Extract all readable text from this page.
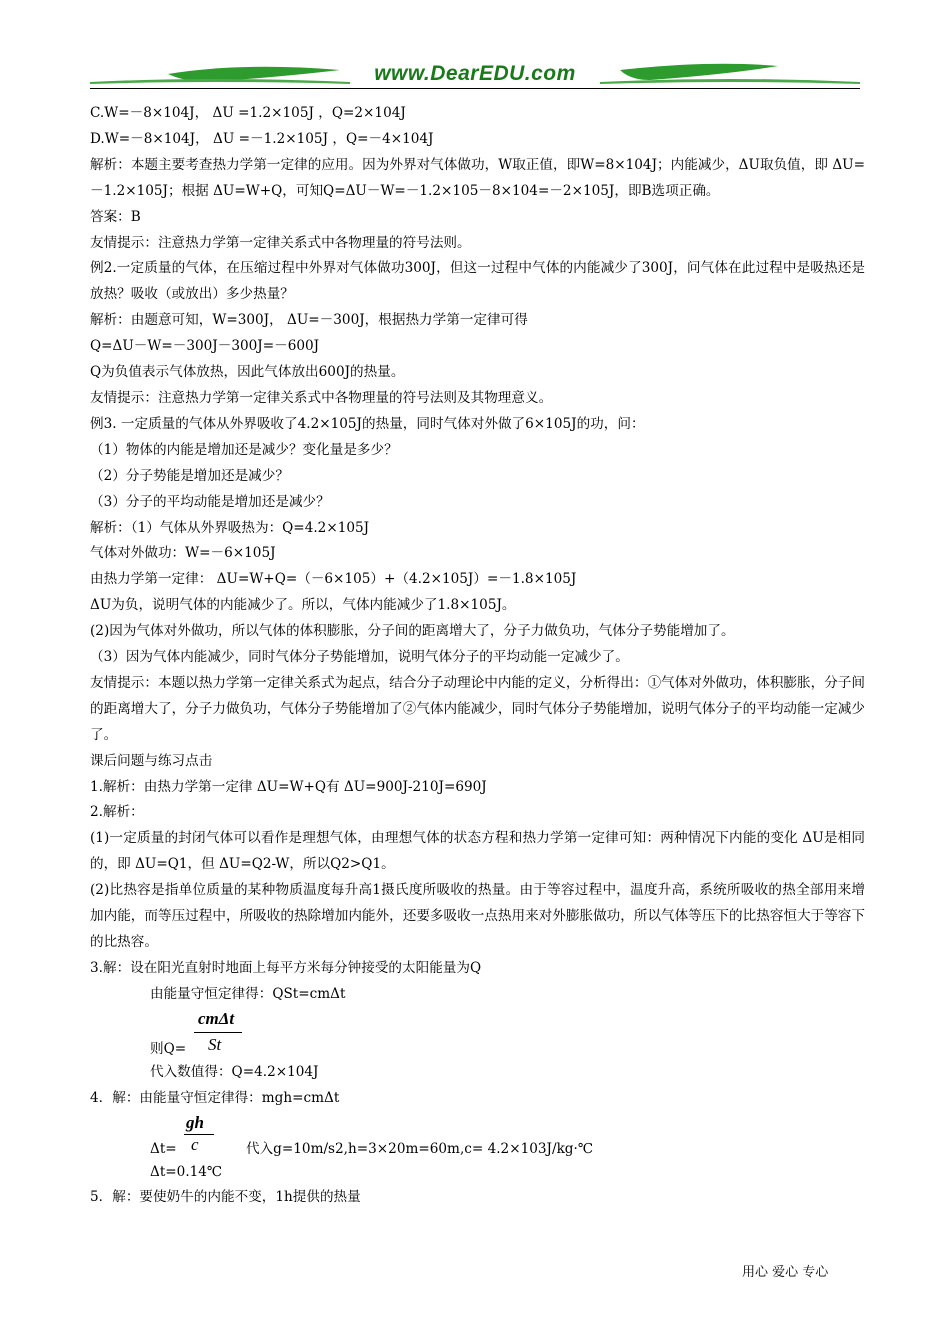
www.DearEDU.com

C.W=－8×104J， ΔU =1.2×105J ，Q=2×104J

D.W=－8×104J， ΔU =－1.2×105J ，Q=－4×104J

解析：本题主要考查热力学第一定律的应用。因为外界对气体做功，W取正值，即W=8×104J；内能减少，ΔU取负值，即 ΔU=－1.2×105J；根据 ΔU=W+Q，可知Q=ΔU－W=－1.2×105－8×104=－2×105J，即B选项正确。

答案：B

友情提示：注意热力学第一定律关系式中各物理量的符号法则。

例2.一定质量的气体，在压缩过程中外界对气体做功300J，但这一过程中气体的内能减少了300J，问气体在此过程中是吸热还是放热？吸收（或放出）多少热量？

解析：由题意可知，W=300J， ΔU=－300J，根据热力学第一定律可得

Q=ΔU－W=－300J－300J=－600J

Q为负值表示气体放热，因此气体放出600J的热量。

友情提示：注意热力学第一定律关系式中各物理量的符号法则及其物理意义。

例3. 一定质量的气体从外界吸收了4.2×105J的热量，同时气体对外做了6×105J的功，问：

（1）物体的内能是增加还是减少？变化量是多少？

（2）分子势能是增加还是减少？

（3）分子的平均动能是增加还是减少？

解析：（1）气体从外界吸热为：Q=4.2×105J

气体对外做功：W=－6×105J

由热力学第一定律： ΔU=W+Q=（－6×105）+（4.2×105J）=－1.8×105J

ΔU为负，说明气体的内能减少了。所以，气体内能减少了1.8×105J。

(2)因为气体对外做功，所以气体的体积膨胀，分子间的距离增大了，分子力做负功，气体分子势能增加了。

（3）因为气体内能减少，同时气体分子势能增加，说明气体分子的平均动能一定减少了。

友情提示：本题以热力学第一定律关系式为起点，结合分子动理论中内能的定义，分析得出：①气体对外做功，体积膨胀，分子间的距离增大了，分子力做负功，气体分子势能增加了②气体内能减少，同时气体分子势能增加，说明气体分子的平均动能一定减少了。

课后问题与练习点击

1.解析：由热力学第一定律 ΔU=W+Q有 ΔU=900J-210J=690J

2.解析：

(1)一定质量的封闭气体可以看作是理想气体，由理想气体的状态方程和热力学第一定律可知：两种情况下内能的变化 ΔU是相同的，即 ΔU=Q1，但 ΔU=Q2-W，所以Q2>Q1。

(2)比热容是指单位质量的某种物质温度每升高1摄氏度所吸收的热量。由于等容过程中，温度升高，系统所吸收的热全部用来增加内能，而等压过程中，所吸收的热除增加内能外，还要多吸收一点热用来对外膨胀做功，所以气体等压下的比热容恒大于等容下的比热容。

3.解：设在阳光直射时地面上每平方米每分钟接受的太阳能量为Q

由能量守恒定律得：QSt=cmΔt

cmΔt
St
则Q=

代入数值得：Q=4.2×104J

4．解：由能量守恒定律得：mgh=cmΔt

gh
c
Δt=	代入g=10m/s2,h=3×20m=60m,c= 4.2×103J/kg·℃

Δt=0.14℃

5．解：要使奶牛的内能不变，1h提供的热量

用心 爱心 专心
